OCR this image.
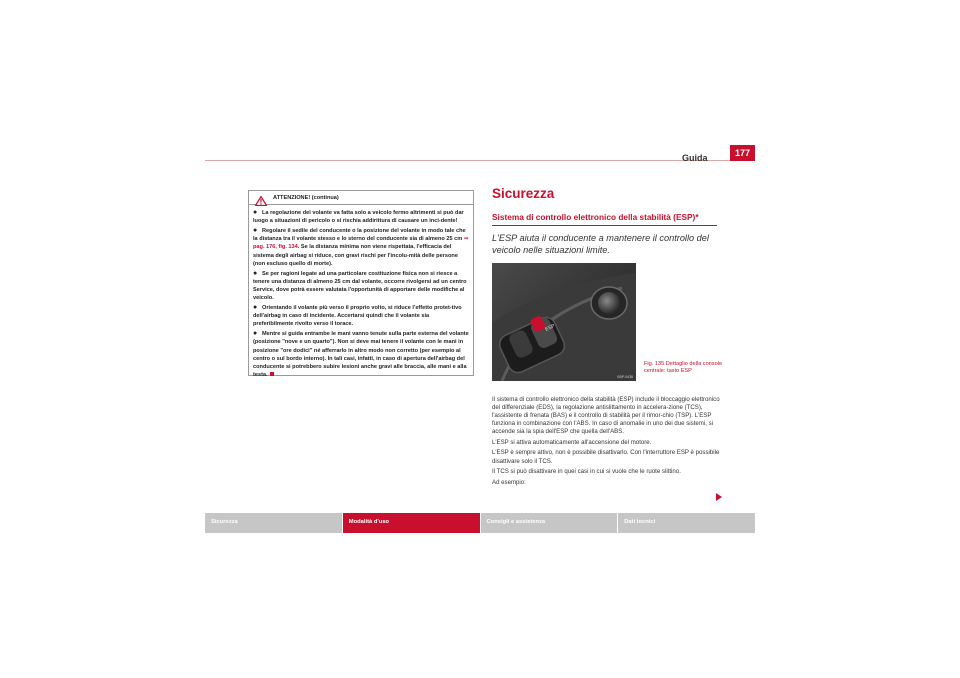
Guida	177
ATTENZIONE! (continua)
● La regolazione del volante va fatta solo a veicolo fermo altrimenti si può dar luogo a situazioni di pericolo o si rischia addirittura di causare un inci-dente!
● Regolare il sedile del conducente o la posizione del volante in modo tale che la distanza tra il volante stesso e lo sterno del conducente sia di almeno 25 cm ⇒ pag. 176, fig. 134. Se la distanza minima non viene rispettata, l'efficacia del sistema degli airbag si riduce, con gravi rischi per l'incolu-mità delle persone (non escluso quello di morte).
● Se per ragioni legate ad una particolare costituzione fisica non si riesce a tenere una distanza di almeno 25 cm dal volante, occorre rivolgersi ad un centro Service, dove potrà essere valutata l'opportunità di apportare delle modifiche al veicolo.
● Orientando il volante più verso il proprio volto, si riduce l'effetto protet-tivo dell'airbag in caso di incidente. Accertarsi quindi che il volante sia preferibilmente rivolto verso il torace.
● Mentre si guida entrambe le mani vanno tenute sulla parte esterna del volante (posizione "nove e un quarto"). Non si deve mai tenere il volante con le mani in posizione "ore dodici" né afferrarlo in altro modo non corretto (per esempio al centro o sul bordo interno). In tali casi, infatti, in caso di apertura dell'airbag del conducente si potrebbero subire lesioni anche gravi alle braccia, alle mani e alla testa.
Sicurezza
Sistema di controllo elettronico della stabilità (ESP)*
L'ESP aiuta il conducente a mantenere il controllo del veicolo nelle situazioni limite.
ESP
B5P-0438
Fig. 135 Dettaglio della console centrale: tasto ESP

Il sistema di controllo elettronico della stabilità (ESP) include il bloccaggio elettronico del differenziale (EDS), la regolazione antislittamento in accelera-zione (TCS), l'assistente di frenata (BAS) e il controllo di stabilità per il rimor-chio (TSP). L'ESP funziona in combinazione con l'ABS. In caso di anomalie in uno dei due sistemi, si accende sia la spia dell'ESP che quella dell'ABS.

L'ESP si attiva automaticamente all'accensione del motore.

L'ESP è sempre attivo, non è possibile disattivarlo. Con l'interruttore ESP è possibile disattivare solo il TCS.

Il TCS si può disattivare in quei casi in cui si vuole che le ruote slittino.

Ad esempio:

Sicurezza	Modalità d'uso	Consigli e assistenza	Dati tecnici
